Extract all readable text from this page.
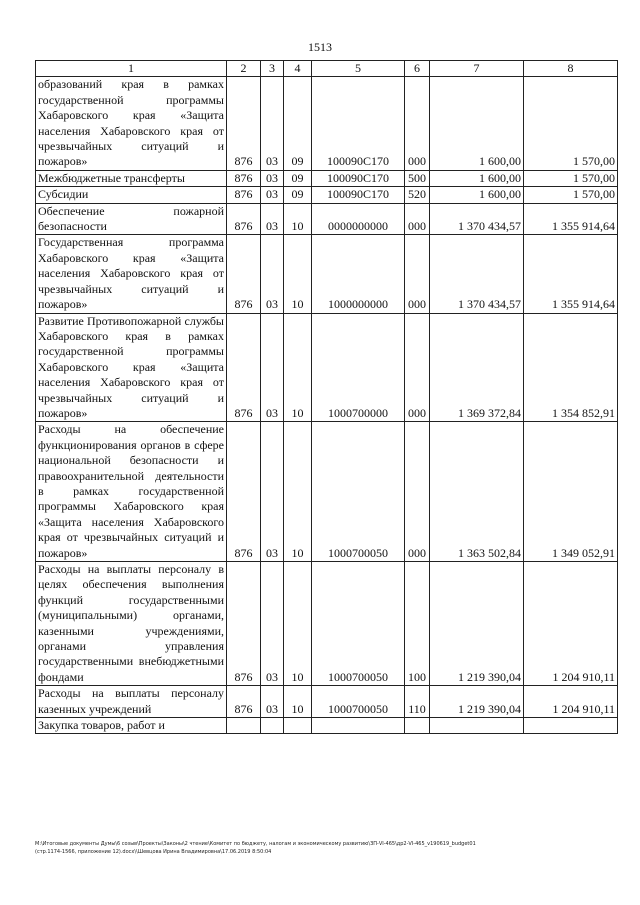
1513
1	2	3	4	5	6	7	8
образований края в рамках государственной программы Хабаровского края «Защита населения Хабаровского края от чрезвычайных ситуаций и пожаров»	876	03	09	100090С170	000	1 600,00	1 570,00
Межбюджетные трансферты	876	03	09	100090С170	500	1 600,00	1 570,00
Субсидии	876	03	09	100090С170	520	1 600,00	1 570,00
Обеспечение пожарной безопасности	876	03	10	0000000000	000	1 370 434,57	1 355 914,64
Государственная программа Хабаровского края «Защита населения Хабаровского края от чрезвычайных ситуаций и пожаров»	876	03	10	1000000000	000	1 370 434,57	1 355 914,64
Развитие Противопожарной службы Хабаровского края в рамках государственной программы Хабаровского края «Защита населения Хабаровского края от чрезвычайных ситуаций и пожаров»	876	03	10	1000700000	000	1 369 372,84	1 354 852,91
Расходы на обеспечение функционирования органов в сфере национальной безопасности и правоохранительной деятельности в рамках государственной программы Хабаровского края «Защита населения Хабаровского края от чрезвычайных ситуаций и пожаров»	876	03	10	1000700050	000	1 363 502,84	1 349 052,91
Расходы на выплаты персоналу в целях обеспечения выполнения функций государственными (муниципальными) органами, казенными учреждениями, органами управления государственными внебюджетными фондами	876	03	10	1000700050	100	1 219 390,04	1 204 910,11
Расходы на выплаты персоналу казенных учреждений	876	03	10	1000700050	110	1 219 390,04	1 204 910,11
Закупка товаров, работ и							
М:\Итоговые документы Думы\6 созыв\Проекты\Законы\2 чтение\Комитет по бюджету, налогам и экономическому развитию\ЗП-VI-465\др2-VI-465_v190619_budget01
(стр.1174-1566, приложение 12).docx\\Шевцова Ирина Владимировна\17.06.2019 8:50:04
